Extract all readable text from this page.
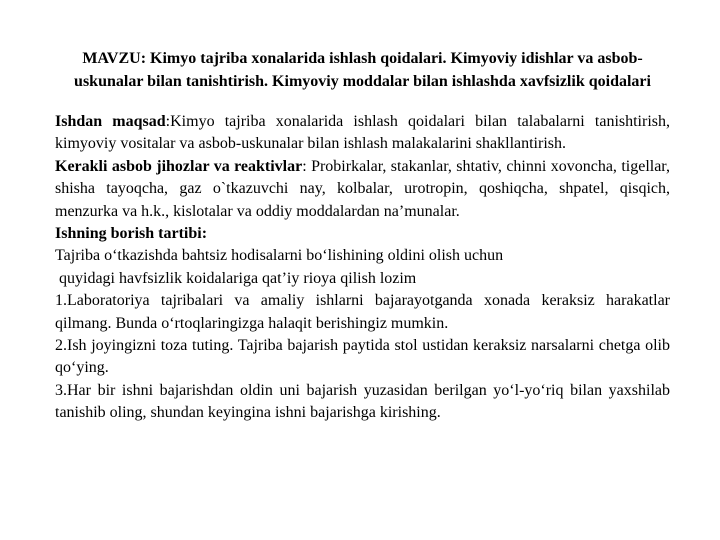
MAVZU: Kimyo tajriba xonalarida ishlash qoidalari. Kimyoviy idishlar va asbob-uskunalar bilan tanishtirish. Kimyoviy moddalar bilan ishlashda xavfsizlik qoidalari

Ishdan maqsad:Kimyo tajriba xonalarida ishlash qoidalari bilan talabalarni tanishtirish, kimyoviy vositalar va asbob-uskunalar bilan ishlash malakalarini shakllantirish.

Kerakli asbob jihozlar va reaktivlar: Probirkalar, stakanlar, shtativ, chinni xovoncha, tigellar, shisha tayoqcha, gaz o`tkazuvchi nay, kolbalar, urotropin, qoshiqcha, shpatel, qisqich, menzurka va h.k., kislotalar va oddiy moddalardan na’munalar.

Ishning borish tartibi:

Tajriba o‘tkazishda bahtsiz hodisalarni bo‘lishining oldini olish uchun

quyidagi havfsizlik koidalariga qat’iy rioya qilish lozim

1.Laboratoriya tajribalari va amaliy ishlarni bajarayotganda xonada keraksiz harakatlar qilmang. Bunda o‘rtoqlaringizga halaqit berishingiz mumkin.

2.Ish joyingizni toza tuting. Tajriba bajarish paytida stol ustidan keraksiz narsalarni chetga olib qo‘ying.

3.Har bir ishni bajarishdan oldin uni bajarish yuzasidan berilgan yo‘l-yo‘riq bilan yaxshilab tanishib oling, shundan keyingina ishni bajarishga kirishing.
